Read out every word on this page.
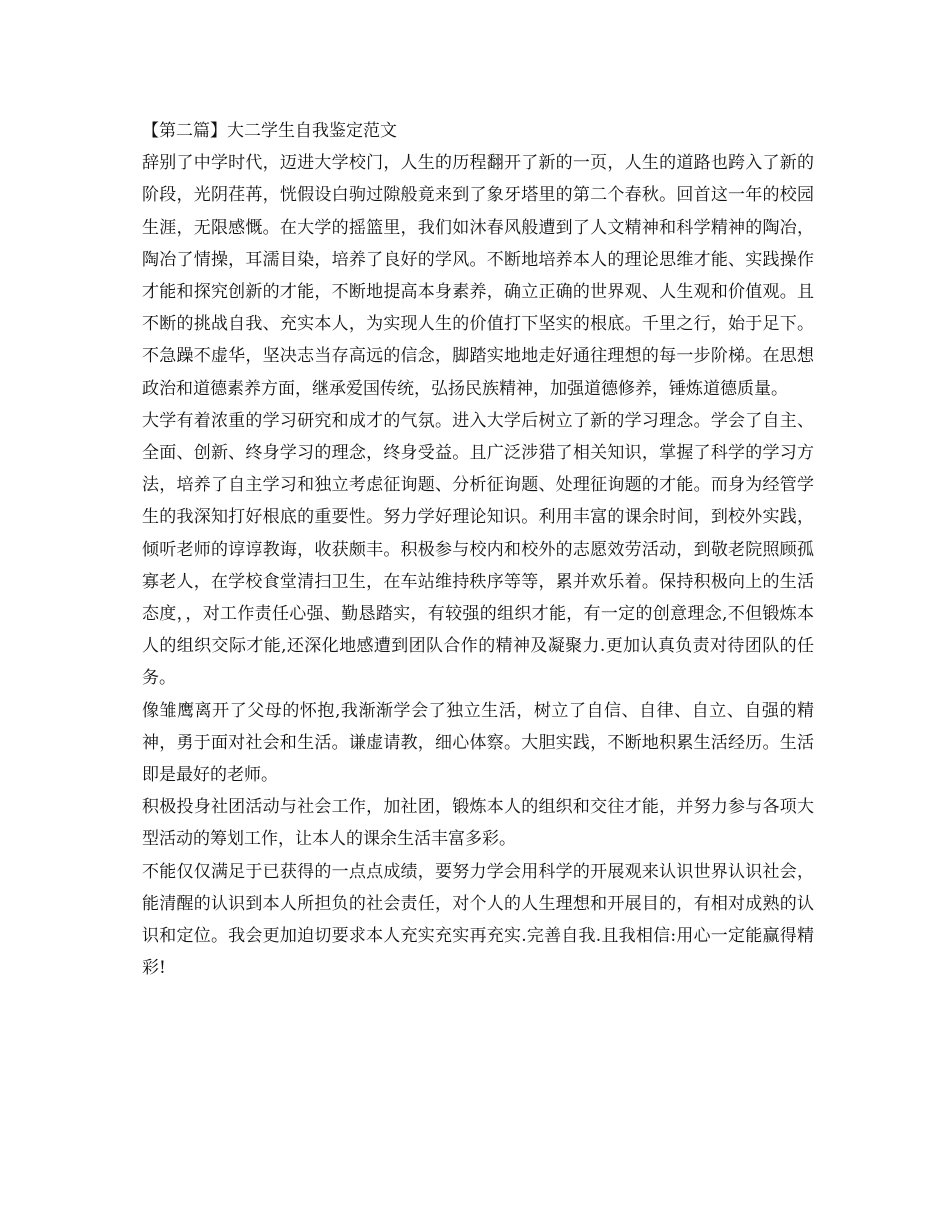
【第二篇】大二学生自我鉴定范文

辞别了中学时代，迈进大学校门，人生的历程翻开了新的一页，人生的道路也跨入了新的阶段，光阴荏苒，恍假设白驹过隙般竟来到了象牙塔里的第二个春秋。回首这一年的校园生涯，无限感慨。在大学的摇篮里，我们如沐春风般遭到了人文精神和科学精神的陶冶，陶冶了情操，耳濡目染，培养了良好的学风。不断地培养本人的理论思维才能、实践操作才能和探究创新的才能，不断地提高本身素养，确立正确的世界观、人生观和价值观。且不断的挑战自我、充实本人，为实现人生的价值打下坚实的根底。千里之行，始于足下。不急躁不虚华，坚决志当存高远的信念，脚踏实地地走好通往理想的每一步阶梯。在思想政治和道德素养方面，继承爱国传统，弘扬民族精神，加强道德修养，锤炼道德质量。

大学有着浓重的学习研究和成才的气氛。进入大学后树立了新的学习理念。学会了自主、全面、创新、终身学习的理念，终身受益。且广泛涉猎了相关知识，掌握了科学的学习方法，培养了自主学习和独立考虑征询题、分析征询题、处理征询题的才能。而身为经管学生的我深知打好根底的重要性。努力学好理论知识。利用丰富的课余时间，到校外实践，倾听老师的谆谆教诲，收获颇丰。积极参与校内和校外的志愿效劳活动，到敬老院照顾孤寡老人，在学校食堂清扫卫生，在车站维持秩序等等，累并欢乐着。保持积极向上的生活态度，，对工作责任心强、勤恳踏实，有较强的组织才能，有一定的创意理念,不但锻炼本人的组织交际才能,还深化地感遭到团队合作的精神及凝聚力.更加认真负责对待团队的任务。

像雏鹰离开了父母的怀抱,我渐渐学会了独立生活，树立了自信、自律、自立、自强的精神，勇于面对社会和生活。谦虚请教，细心体察。大胆实践，不断地积累生活经历。生活即是最好的老师。

积极投身社团活动与社会工作，加社团，锻炼本人的组织和交往才能，并努力参与各项大型活动的筹划工作，让本人的课余生活丰富多彩。

不能仅仅满足于已获得的一点点成绩，要努力学会用科学的开展观来认识世界认识社会，能清醒的认识到本人所担负的社会责任，对个人的人生理想和开展目的，有相对成熟的认识和定位。我会更加迫切要求本人充实充实再充实.完善自我.且我相信:用心一定能赢得精彩!
